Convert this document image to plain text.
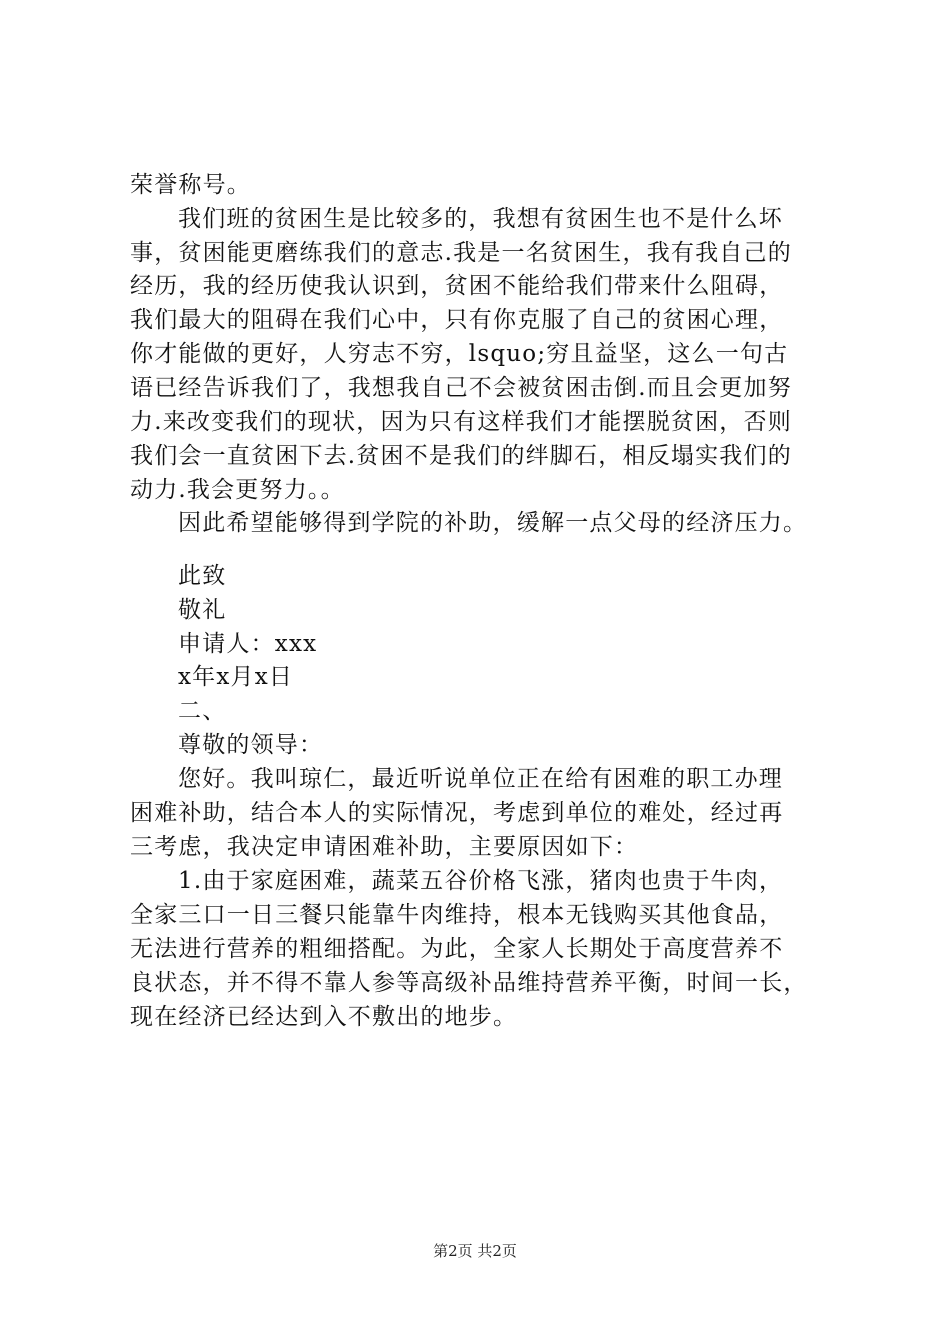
荣誉称号。
我们班的贫困生是比较多的，我想有贫困生也不是什么坏
事，贫困能更磨练我们的意志.我是一名贫困生，我有我自己的
经历，我的经历使我认识到，贫困不能给我们带来什么阻碍，
我们最大的阻碍在我们心中，只有你克服了自己的贫困心理，
你才能做的更好，人穷志不穷，lsquo;穷且益坚，这么一句古
语已经告诉我们了，我想我自己不会被贫困击倒.而且会更加努
力.来改变我们的现状，因为只有这样我们才能摆脱贫困，否则
我们会一直贫困下去.贫困不是我们的绊脚石，相反塌实我们的
动力.我会更努力。。
因此希望能够得到学院的补助，缓解一点父母的经济压力。
此致
敬礼
申请人：xxx
x年x月x日
二、
尊敬的领导：
您好。我叫琼仁，最近听说单位正在给有困难的职工办理
困难补助，结合本人的实际情况，考虑到单位的难处，经过再
三考虑，我决定申请困难补助，主要原因如下：
1.由于家庭困难，蔬菜五谷价格飞涨，猪肉也贵于牛肉，
全家三口一日三餐只能靠牛肉维持，根本无钱购买其他食品，
无法进行营养的粗细搭配。为此，全家人长期处于高度营养不
良状态，并不得不靠人参等高级补品维持营养平衡，时间一长，
现在经济已经达到入不敷出的地步。
第2页 共2页
